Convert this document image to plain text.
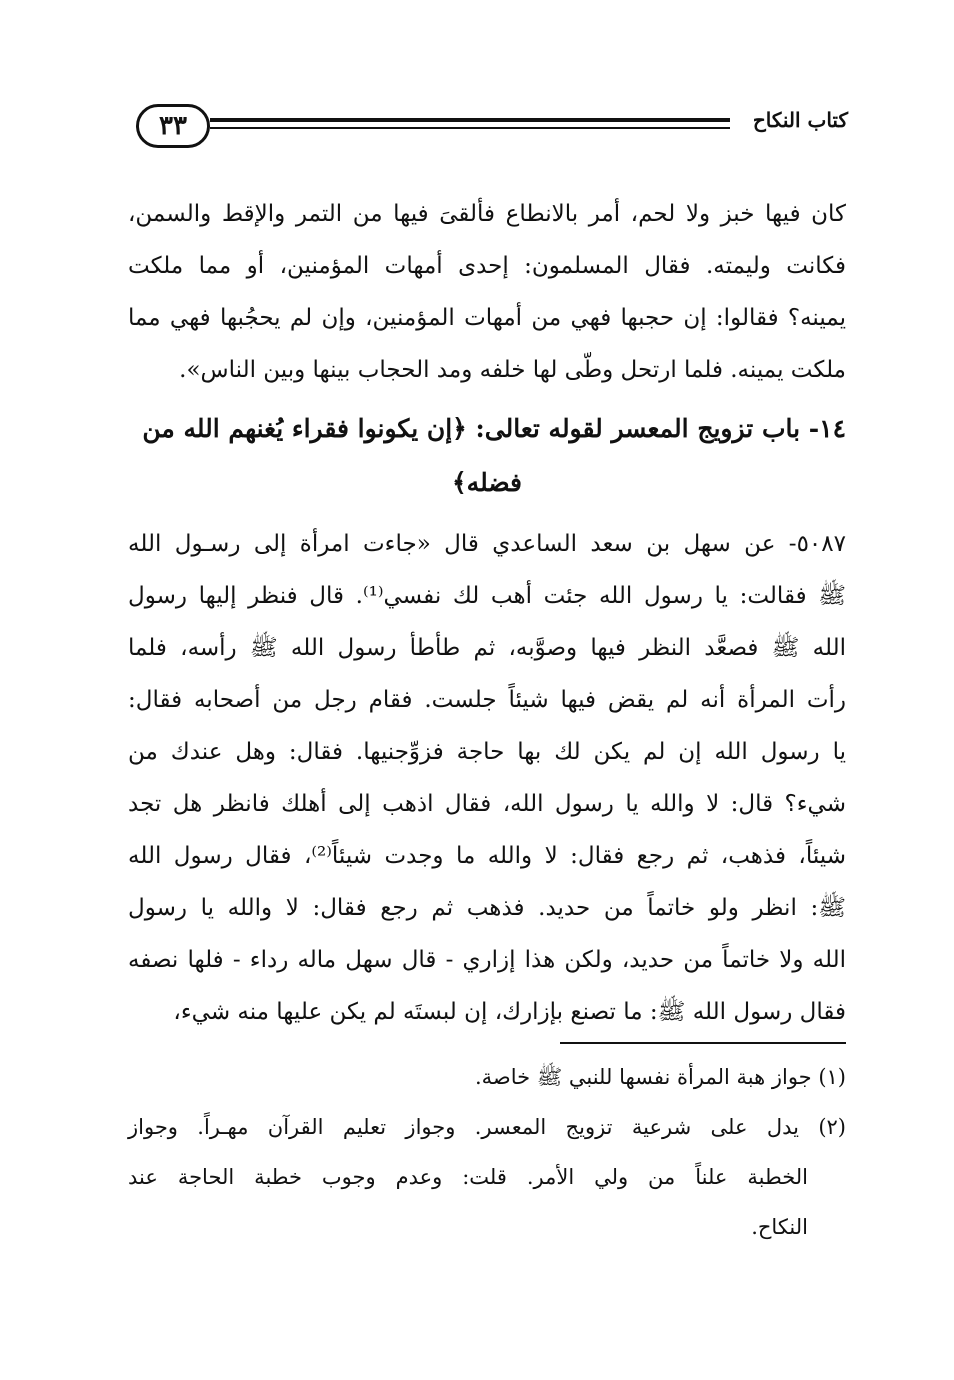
٣٣	كتاب النكاح
كان فيها خبز ولا لحم، أمر بالانطاع فألقىَ فيها من التمر والإقط والسمن،
فكانت وليمته. فقال المسلمون: إحدى أمهات المؤمنين، أو مما ملكت
يمينه؟ فقالوا: إن حجبها فهي من أمهات المؤمنين، وإن لم يحجُبها فهي مما
ملكت يمينه. فلما ارتحل وطّى لها خلفه ومد الحجاب بينها وبين الناس».
١٤- باب تزويج المعسر لقوله تعالى: ﴿إن يكونوا فقراء يُغنهم الله من
فضله﴾
٥٠٨٧- عن سهل بن سعد الساعدي قال «جاءت امرأة إلى رسـول الله
ﷺ فقالت: يا رسول الله جئت أهب لك نفسي⁽¹⁾. قال فنظر إليها رسول
الله ﷺ فصعَّد النظر فيها وصوَّبه، ثم طأطأ رسول الله ﷺ رأسه، فلما
رأت المرأة أنه لم يقض فيها شيئاً جلست. فقام رجل من أصحابه فقال:
يا رسول الله إن لم يكن لك بها حاجة فزوِّجنيها. فقال: وهل عندك من
شيء؟ قال: لا والله يا رسول الله، فقال اذهب إلى أهلك فانظر هل تجد
شيئاً، فذهب، ثم رجع فقال: لا والله ما وجدت شيئاً⁽²⁾، فقال رسول الله
ﷺ: انظر ولو خاتماً من حديد. فذهب ثم رجع فقال: لا والله يا رسول
الله ولا خاتماً من حديد، ولكن هذا إزاري - قال سهل ماله رداء - فلها نصفه
فقال رسول الله ﷺ: ما تصنع بإزارك، إن لبستَه لم يكن عليها منه شيء،
(١) جواز هبة المرأة نفسها للنبي ﷺ خاصة.
(٢) يدل على شرعية تزويج المعسر. وجواز تعليم القرآن مهـراً. وجواز
الخطبة علناً من ولي الأمر. قلت: وعدم وجوب خطبة الحاجة عند
النكاح.
